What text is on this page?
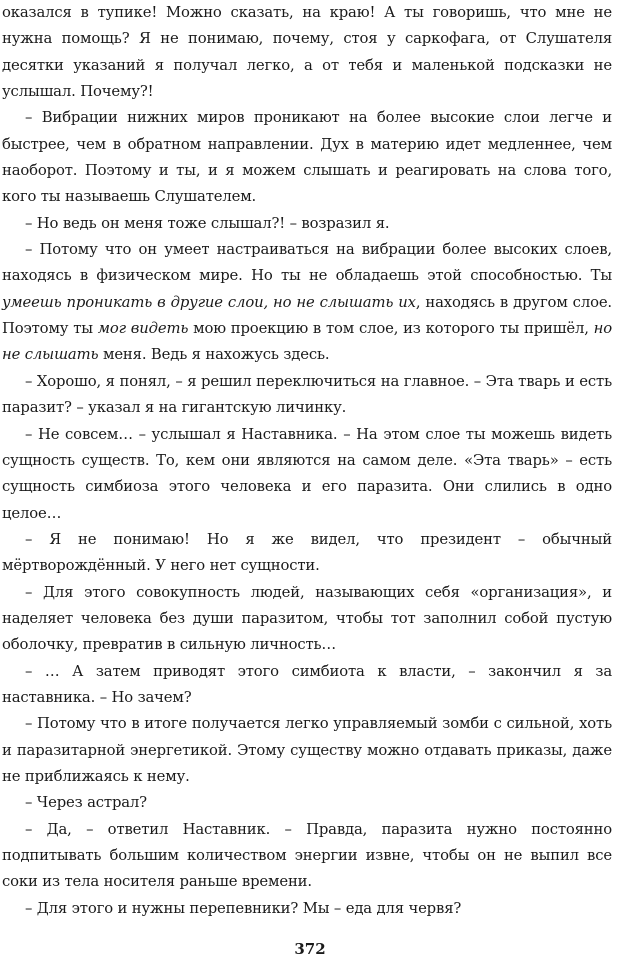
оказался в тупике! Можно сказать, на краю! А ты говоришь, что мне не нужна помощь? Я не понимаю, почему, стоя у саркофага, от Слушателя десятки указаний я получал легко, а от тебя и маленькой подсказки не услышал. Почему?!

– Вибрации нижних миров проникают на более высокие слои легче и быстрее, чем в обратном направлении. Дух в материю идет медленнее, чем наоборот. Поэтому и ты, и я можем слышать и реагировать на слова того, кого ты называешь Слушателем.

– Но ведь он меня тоже слышал?! – возразил я.

– Потому что он умеет настраиваться на вибрации более высоких слоев, находясь в физическом мире. Но ты не обладаешь этой способностью. Ты умеешь проникать в другие слои, но не слышать их, находясь в другом слое. Поэтому ты мог видеть мою проекцию в том слое, из которого ты пришёл, но не слышать меня. Ведь я нахожусь здесь.

– Хорошо, я понял, – я решил переключиться на главное. – Эта тварь и есть паразит? – указал я на гигантскую личинку.

– Не совсем… – услышал я Наставника. – На этом слое ты можешь видеть сущность существ. То, кем они являются на самом деле. «Эта тварь» – есть сущность симбиоза этого человека и его паразита. Они слились в одно целое…

– Я не понимаю! Но я же видел, что президент – обычный мёртворождённый. У него нет сущности.

– Для этого совокупность людей, называющих себя «организация», и наделяет человека без души паразитом, чтобы тот заполнил собой пустую оболочку, превратив в сильную личность…

– … А затем приводят этого симбиота к власти, – закончил я за наставника. – Но зачем?

– Потому что в итоге получается легко управляемый зомби с сильной, хоть и паразитарной энергетикой. Этому существу можно отдавать приказы, даже не приближаясь к нему.

– Через астрал?

– Да, – ответил Наставник. – Правда, паразита нужно постоянно подпитывать большим количеством энергии извне, чтобы он не выпил все соки из тела носителя раньше времени.

– Для этого и нужны перепевники? Мы – еда для червя?

372
